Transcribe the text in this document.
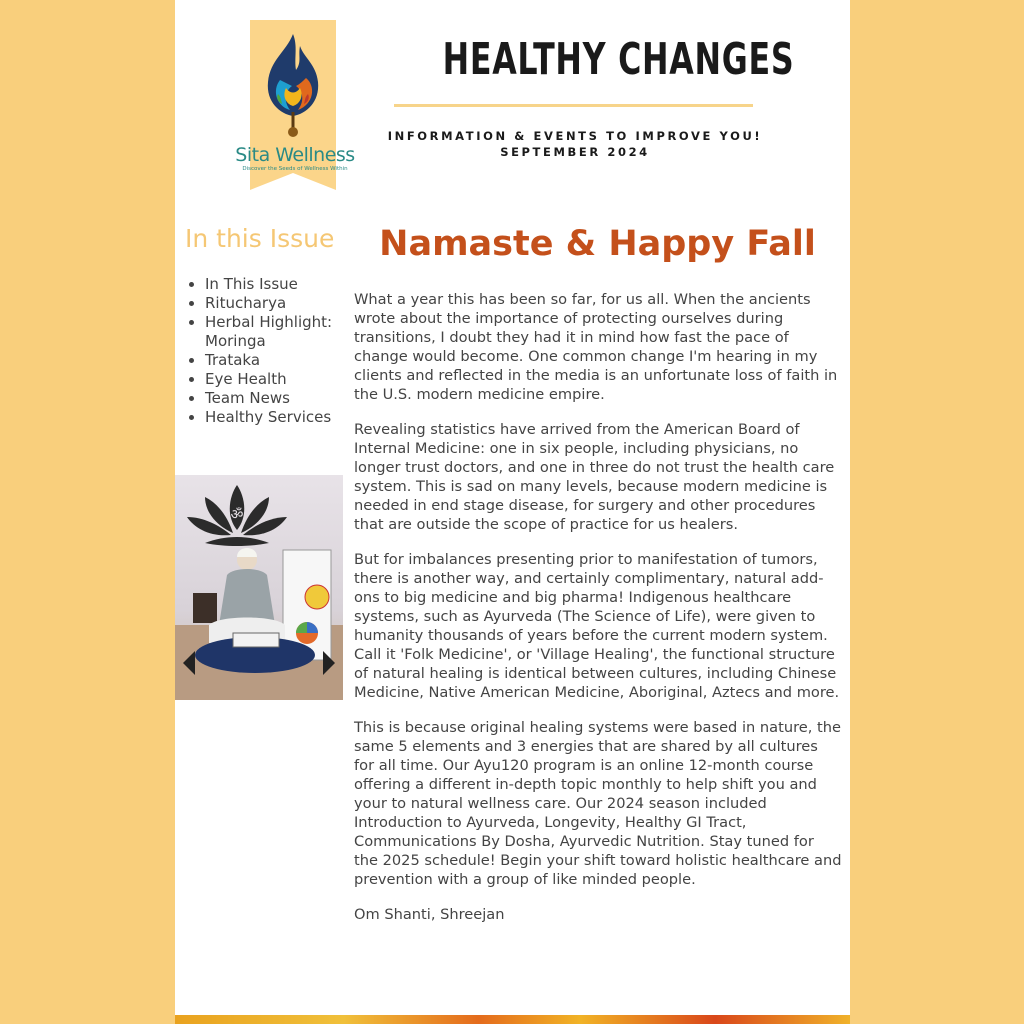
Sita Wellness
Discover the Seeds of Wellness Within
HEALTHY CHANGES
INFORMATION & EVENTS TO IMPROVE YOU!
SEPTEMBER 2024
In this Issue
• In This Issue
• Ritucharya
• Herbal Highlight: Moringa
• Trataka
• Eye Health
• Team News
• Healthy Services
ॐ
Namaste & Happy Fall

What a year this has been so far, for us all. When the ancients wrote about the importance of protecting ourselves during transitions, I doubt they had it in mind how fast the pace of change would become. One common change I'm hearing in my clients and reflected in the media is an unfortunate loss of faith in the U.S. modern medicine empire.

Revealing statistics have arrived from the American Board of Internal Medicine: one in six people, including physicians, no longer trust doctors, and one in three do not trust the health care system. This is sad on many levels, because modern medicine is needed in end stage disease, for surgery and other procedures that are outside the scope of practice for us healers.

But for imbalances presenting prior to manifestation of tumors, there is another way, and certainly complimentary, natural add-ons to big medicine and big pharma! Indigenous healthcare systems, such as Ayurveda (The Science of Life), were given to humanity thousands of years before the current modern system. Call it 'Folk Medicine', or 'Village Healing', the functional structure of natural healing is identical between cultures, including Chinese Medicine, Native American Medicine, Aboriginal, Aztecs and more.

This is because original healing systems were based in nature, the same 5 elements and 3 energies that are shared by all cultures for all time. Our Ayu120 program is an online 12-month course offering a different in-depth topic monthly to help shift you and your to natural wellness care. Our 2024 season included Introduction to Ayurveda, Longevity, Healthy GI Tract, Communications By Dosha, Ayurvedic Nutrition. Stay tuned for the 2025 schedule! Begin your shift toward holistic healthcare and prevention with a group of like minded people.

Om Shanti, Shreejan
